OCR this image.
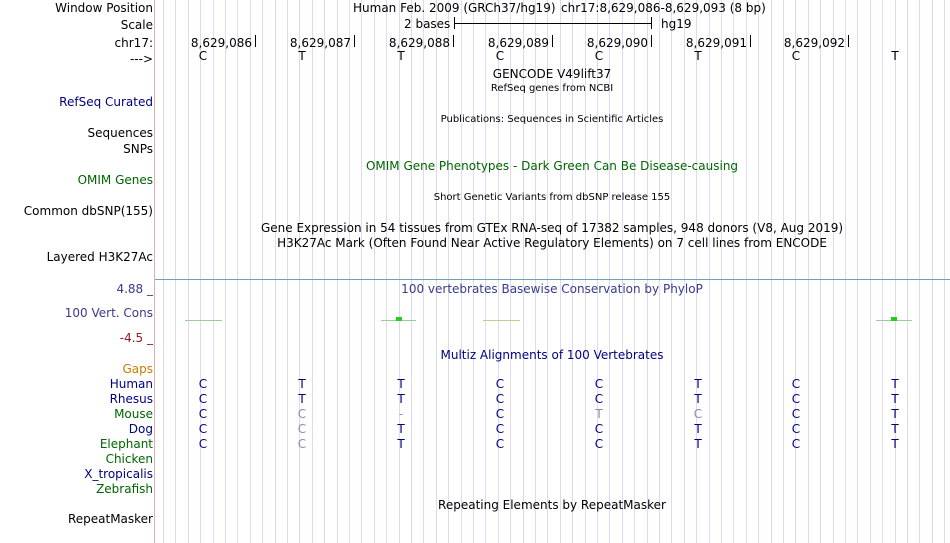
Window Position	Human Feb. 2009 (GRCh37/hg19) chr17:8,629,086-8,629,093 (8 bp)
Scale	2 bases	hg19
chr17:	8,629,086	8,629,087	8,629,088	8,629,089	8,629,090	8,629,091	8,629,092
--->	C	T	T	C	C	T	C	T
GENCODE V49lift37
RefSeq genes from NCBI
RefSeq Curated
Publications: Sequences in Scientific Articles
Sequences
SNPs
OMIM Gene Phenotypes - Dark Green Can Be Disease-causing
OMIM Genes
Short Genetic Variants from dbSNP release 155
Common dbSNP(155)
Gene Expression in 54 tissues from GTEx RNA-seq of 17382 samples, 948 donors (V8, Aug 2019)
H3K27Ac Mark (Often Found Near Active Regulatory Elements) on 7 cell lines from ENCODE
Layered H3K27Ac
4.88 _	100 vertebrates Basewise Conservation by PhyloP
100 Vert. Cons
-4.5 _
Multiz Alignments of 100 Vertebrates
Gaps
Human	C	T	T	C	C	T	C	T
Rhesus	C	T	T	C	C	T	C	T
Mouse	C	C	-	C	T	C	C	T
Dog	C	C	T	C	C	T	C	T
Elephant	C	C	T	C	C	T	C	T
Chicken
X_tropicalis
Zebrafish
Repeating Elements by RepeatMasker
RepeatMasker
